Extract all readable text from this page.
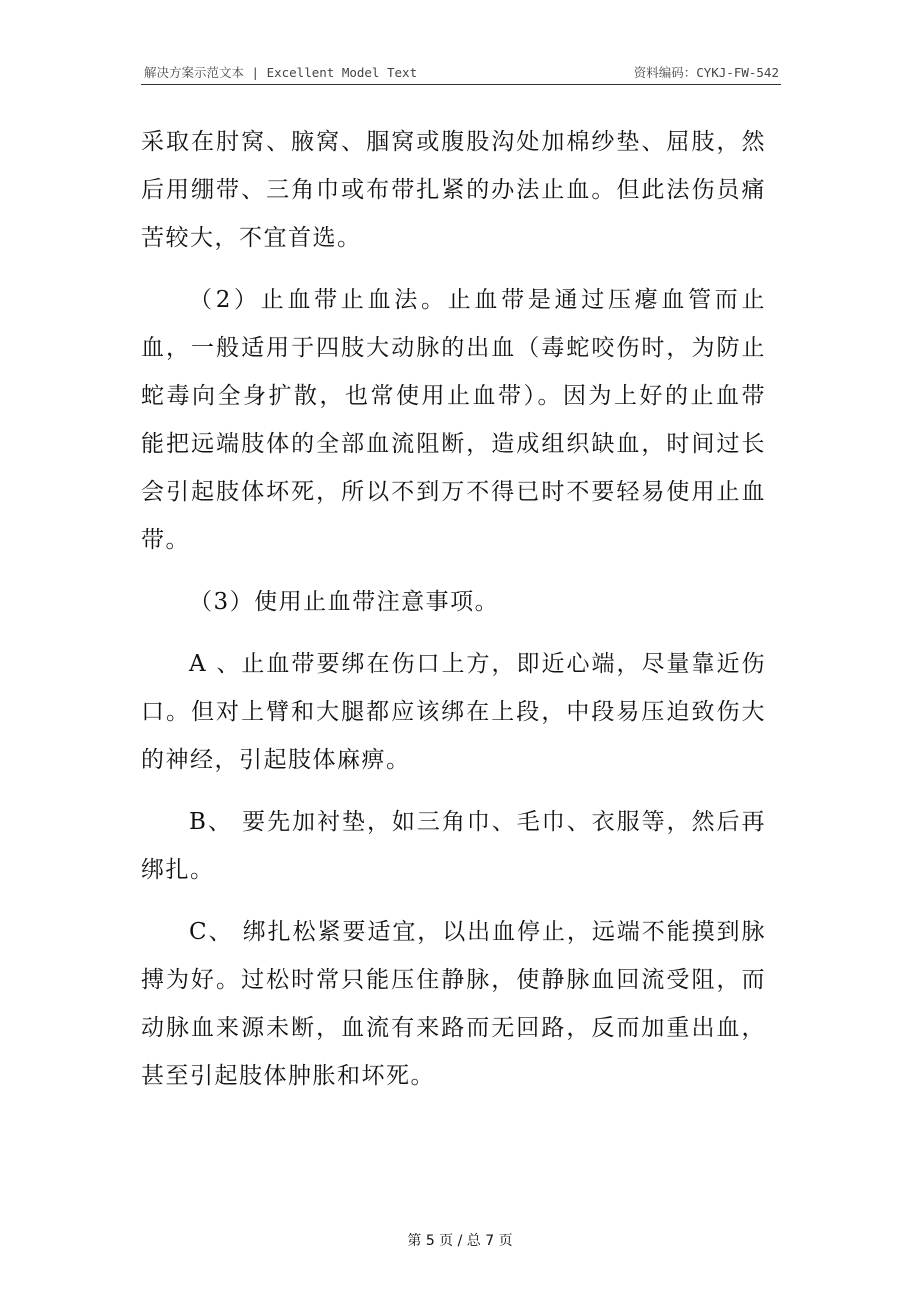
解决方案示范文本 | Excellent Model Text	资料编码：CYKJ-FW-542

采取在肘窝、腋窝、腘窝或腹股沟处加棉纱垫、屈肢，然后用绷带、三角巾或布带扎紧的办法止血。但此法伤员痛苦较大，不宜首选。

（2）止血带止血法。止血带是通过压瘪血管而止血，一般适用于四肢大动脉的出血（毒蛇咬伤时，为防止蛇毒向全身扩散，也常使用止血带）。因为上好的止血带能把远端肢体的全部血流阻断，造成组织缺血，时间过长会引起肢体坏死，所以不到万不得已时不要轻易使用止血带。

（3）使用止血带注意事项。

A 、止血带要绑在伤口上方，即近心端，尽量靠近伤口。但对上臂和大腿都应该绑在上段，中段易压迫致伤大的神经，引起肢体麻痹。

B、 要先加衬垫，如三角巾、毛巾、衣服等，然后再绑扎。

C、 绑扎松紧要适宜，以出血停止，远端不能摸到脉搏为好。过松时常只能压住静脉，使静脉血回流受阻，而动脉血来源未断，血流有来路而无回路，反而加重出血，甚至引起肢体肿胀和坏死。

第 5 页 / 总 7 页
